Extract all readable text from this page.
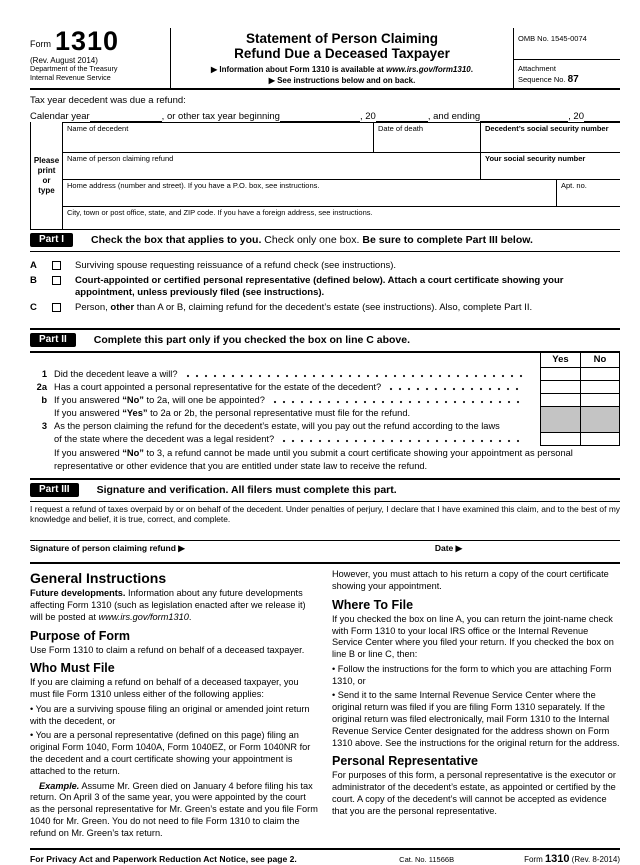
Form 1310
(Rev. August 2014)
Department of the Treasury
Internal Revenue Service
Statement of Person Claiming
Refund Due a Deceased Taxpayer
▶ Information about Form 1310 is available at www.irs.gov/form1310.
▶ See instructions below and on back.
OMB No. 1545-0074
Attachment
Sequence No. 87
Tax year decedent was due a refund:
Calendar year	, or other tax year beginning	, 20	, and ending	, 20
Please
print
or
type
Name of decedent	Date of death	Decedent’s social security number
Name of person claiming refund	Your social security number
Home address (number and street). If you have a P.O. box, see instructions.	Apt. no.
City, town or post office, state, and ZIP code. If you have a foreign address, see instructions.
Part I	Check the box that applies to you. Check only one box. Be sure to complete Part III below.
A	Surviving spouse requesting reissuance of a refund check (see instructions).
B	Court-appointed or certified personal representative (defined below). Attach a court certificate showing your appointment, unless previously filed (see instructions).
C	Person, other than A or B, claiming refund for the decedent’s estate (see instructions). Also, complete Part II.
Part II	Complete this part only if you checked the box on line C above.
Yes	No
1 Did the decedent leave a will?
2a Has a court appointed a personal representative for the estate of the decedent?
b If you answered “No” to 2a, will one be appointed?
If you answered “Yes” to 2a or 2b, the personal representative must file for the refund.
3 As the person claiming the refund for the decedent’s estate, will you pay out the refund according to the laws
of the state where the decedent was a legal resident?
If you answered “No” to 3, a refund cannot be made until you submit a court certificate showing your appointment as personal representative or other evidence that you are entitled under state law to receive the refund.
Part III	Signature and verification. All filers must complete this part.
I request a refund of taxes overpaid by or on behalf of the decedent. Under penalties of perjury, I declare that I have examined this claim, and to the best of my knowledge and belief, it is true, correct, and complete.
Signature of person claiming refund ▶	Date ▶
General Instructions

Future developments. Information about any future developments affecting Form 1310 (such as legislation enacted after we release it) will be posted at www.irs.gov/form1310.

Purpose of Form

Use Form 1310 to claim a refund on behalf of a deceased taxpayer.

Who Must File

If you are claiming a refund on behalf of a deceased taxpayer, you must file Form 1310 unless either of the following applies:

• You are a surviving spouse filing an original or amended joint return with the decedent, or

• You are a personal representative (defined on this page) filing an original Form 1040, Form 1040A, Form 1040EZ, or Form 1040NR for the decedent and a court certificate showing your appointment is attached to the return.

Example. Assume Mr. Green died on January 4 before filing his tax return. On April 3 of the same year, you were appointed by the court as the personal representative for Mr. Green’s estate and you file Form 1040 for Mr. Green. You do not need to file Form 1310 to claim the refund on Mr. Green’s tax return.

However, you must attach to his return a copy of the court certificate showing your appointment.

Where To File

If you checked the box on line A, you can return the joint-name check with Form 1310 to your local IRS office or the Internal Revenue Service Center where you filed your return. If you checked the box on line B or line C, then:

• Follow the instructions for the form to which you are attaching Form 1310, or

• Send it to the same Internal Revenue Service Center where the original return was filed if you are filing Form 1310 separately. If the original return was filed electronically, mail Form 1310 to the Internal Revenue Service Center designated for the address shown on Form 1310 above. See the instructions for the original return for the address.

Personal Representative

For purposes of this form, a personal representative is the executor or administrator of the decedent’s estate, as appointed or certified by the court. A copy of the decedent’s will cannot be accepted as evidence that you are the personal representative.

For Privacy Act and Paperwork Reduction Act Notice, see page 2.	Cat. No. 11566B	Form 1310 (Rev. 8-2014)
